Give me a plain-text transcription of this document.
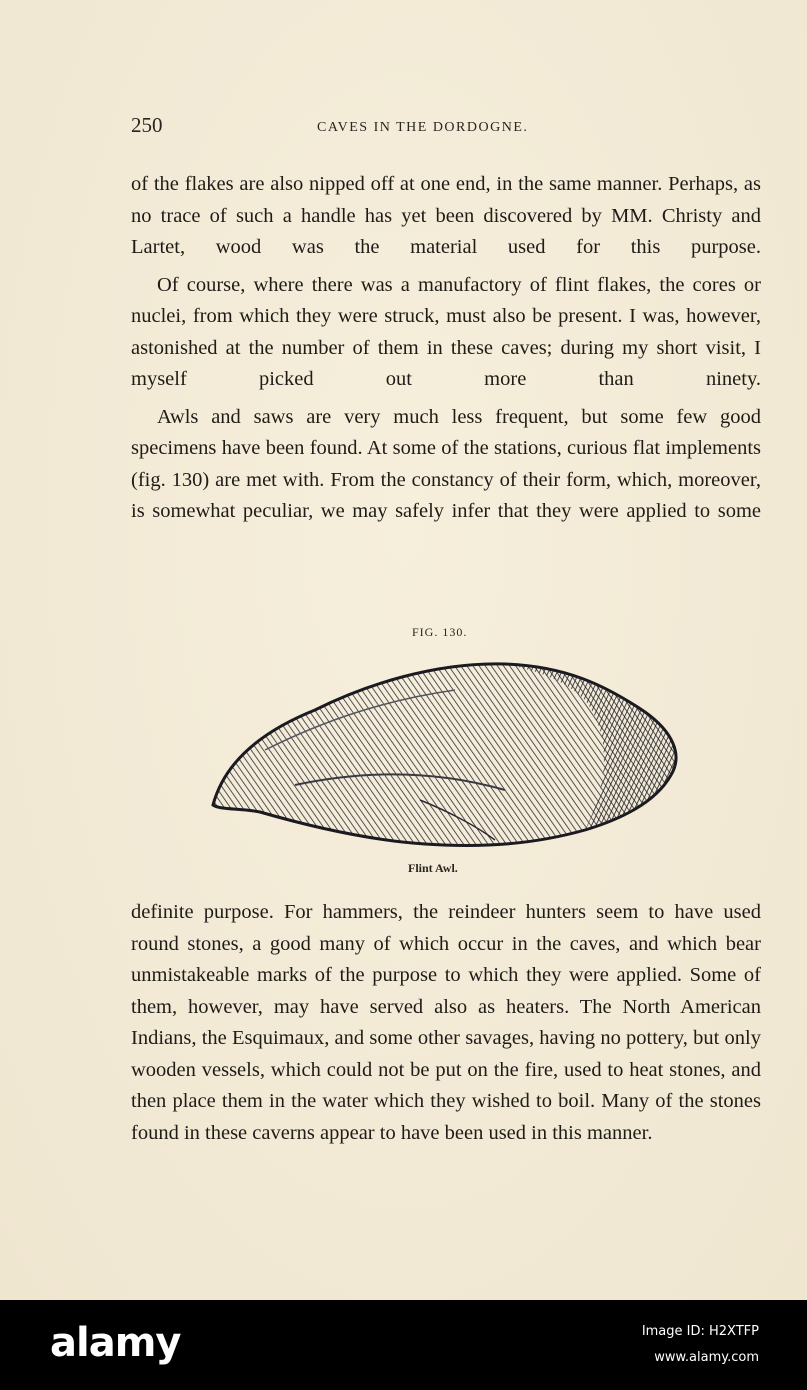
250	CAVES IN THE DORDOGNE.

of the flakes are also nipped off at one end, in the same manner. Perhaps, as no trace of such a handle has yet been discovered by MM. Christy and Lartet, wood was the material used for this purpose.

Of course, where there was a manufactory of flint flakes, the cores or nuclei, from which they were struck, must also be present. I was, however, astonished at the number of them in these caves; during my short visit, I myself picked out more than ninety.

Awls and saws are very much less frequent, but some few good specimens have been found. At some of the stations, curious flat implements (fig. 130) are met with. From the constancy of their form, which, moreover, is somewhat peculiar, we may safely infer that they were applied to some

FIG. 130.
Flint Awl.

definite purpose. For hammers, the reindeer hunters seem to have used round stones, a good many of which occur in the caves, and which bear unmistakeable marks of the purpose to which they were applied. Some of them, however, may have served also as heaters. The North American Indians, the Esquimaux, and some other savages, having no pottery, but only wooden vessels, which could not be put on the fire, used to heat stones, and then place them in the water which they wished to boil. Many of the stones found in these caverns appear to have been used in this manner.

alamy	Image ID: H2XTFP
www.alamy.com
